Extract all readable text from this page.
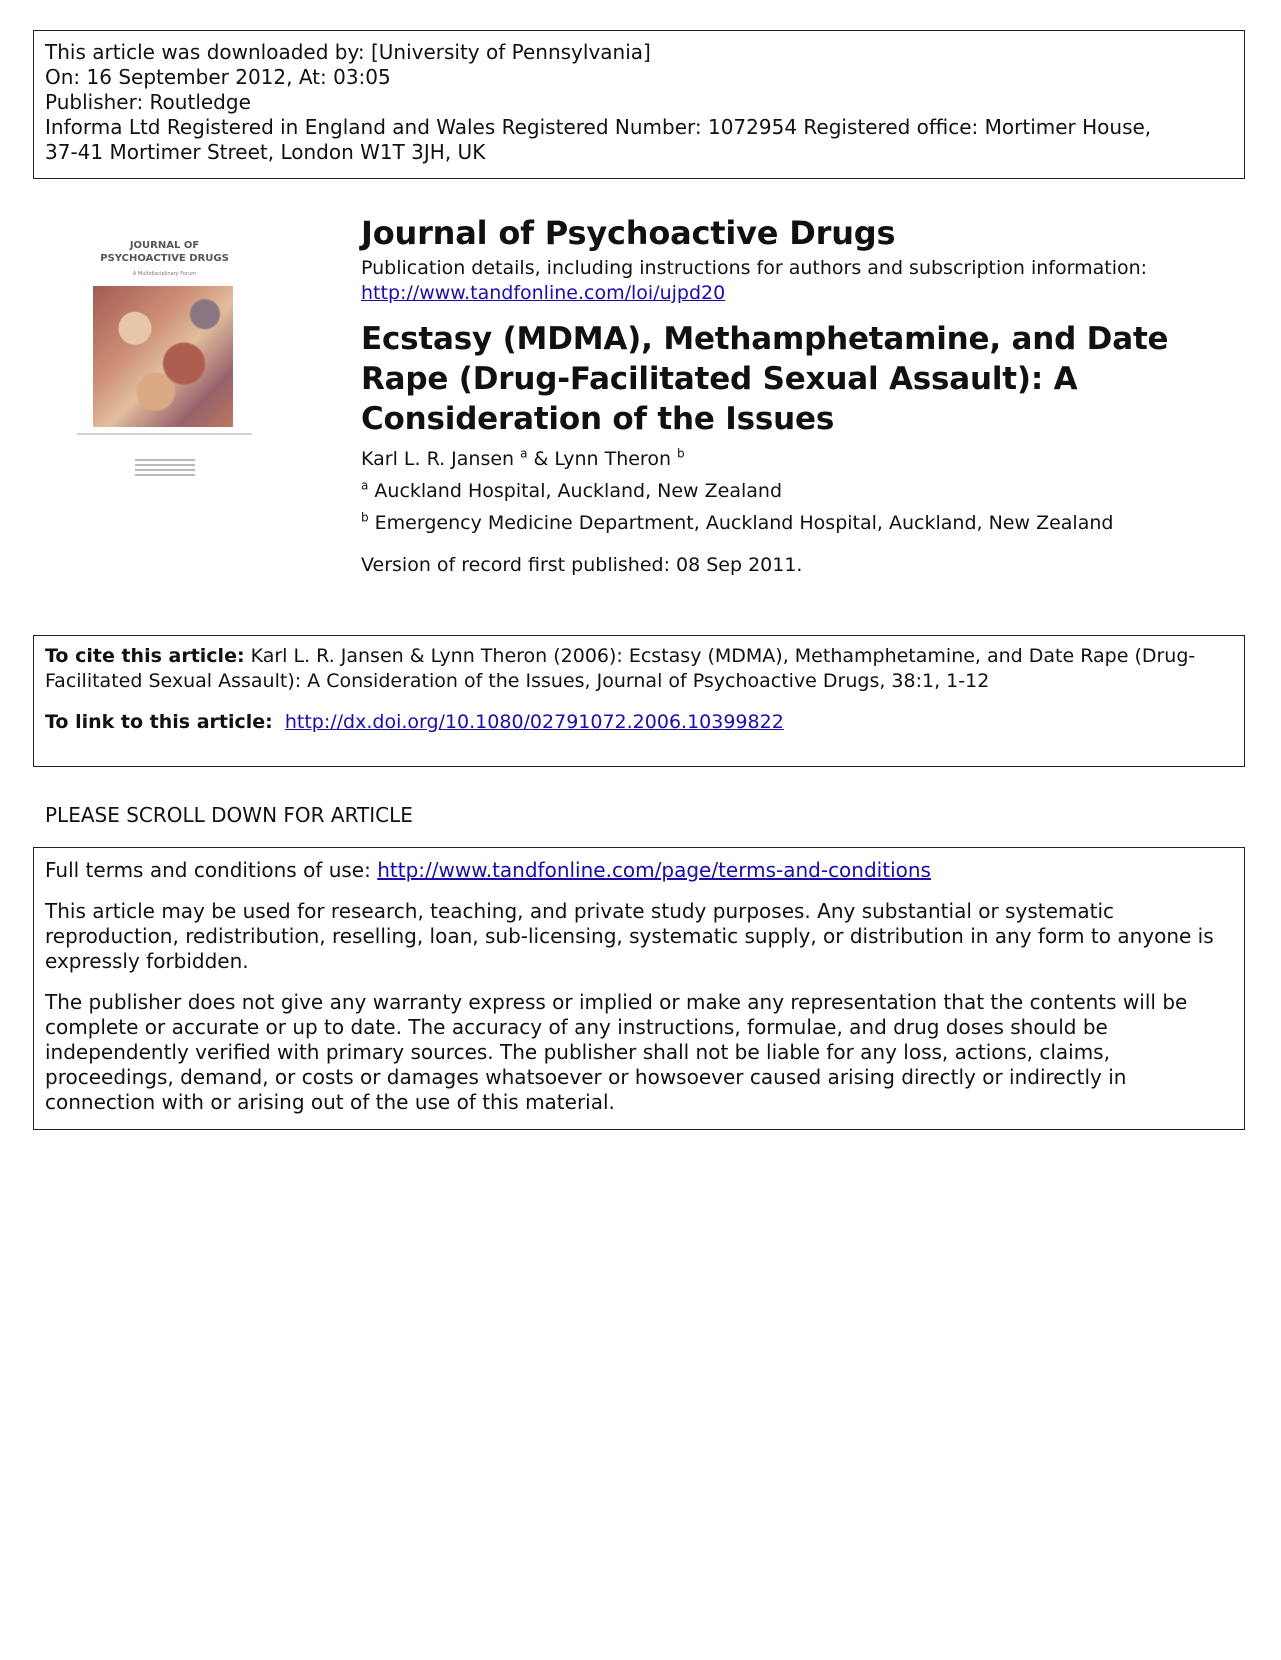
This article was downloaded by: [University of Pennsylvania]
On: 16 September 2012, At: 03:05
Publisher: Routledge
Informa Ltd Registered in England and Wales Registered Number: 1072954 Registered office: Mortimer House,
37-41 Mortimer Street, London W1T 3JH, UK
JOURNAL OF
PSYCHOACTIVE DRUGS
A Multidisciplinary Forum
Journal of Psychoactive Drugs
Publication details, including instructions for authors and subscription information:
http://www.tandfonline.com/loi/ujpd20
Ecstasy (MDMA), Methamphetamine, and Date Rape (Drug-Facilitated Sexual Assault): A Consideration of the Issues
Karl L. R. Jansen $^a$ & Lynn Theron $^b$
$^a$ Auckland Hospital, Auckland, New Zealand
$^b$ Emergency Medicine Department, Auckland Hospital, Auckland, New Zealand
Version of record first published: 08 Sep 2011.
To cite this article: Karl L. R. Jansen & Lynn Theron (2006): Ecstasy (MDMA), Methamphetamine, and Date Rape (Drug-Facilitated Sexual Assault): A Consideration of the Issues, Journal of Psychoactive Drugs, 38:1, 1-12
To link to this article: http://dx.doi.org/10.1080/02791072.2006.10399822
PLEASE SCROLL DOWN FOR ARTICLE

Full terms and conditions of use: http://www.tandfonline.com/page/terms-and-conditions

This article may be used for research, teaching, and private study purposes. Any substantial or systematic reproduction, redistribution, reselling, loan, sub-licensing, systematic supply, or distribution in any form to anyone is expressly forbidden.

The publisher does not give any warranty express or implied or make any representation that the contents will be complete or accurate or up to date. The accuracy of any instructions, formulae, and drug doses should be independently verified with primary sources. The publisher shall not be liable for any loss, actions, claims, proceedings, demand, or costs or damages whatsoever or howsoever caused arising directly or indirectly in connection with or arising out of the use of this material.
